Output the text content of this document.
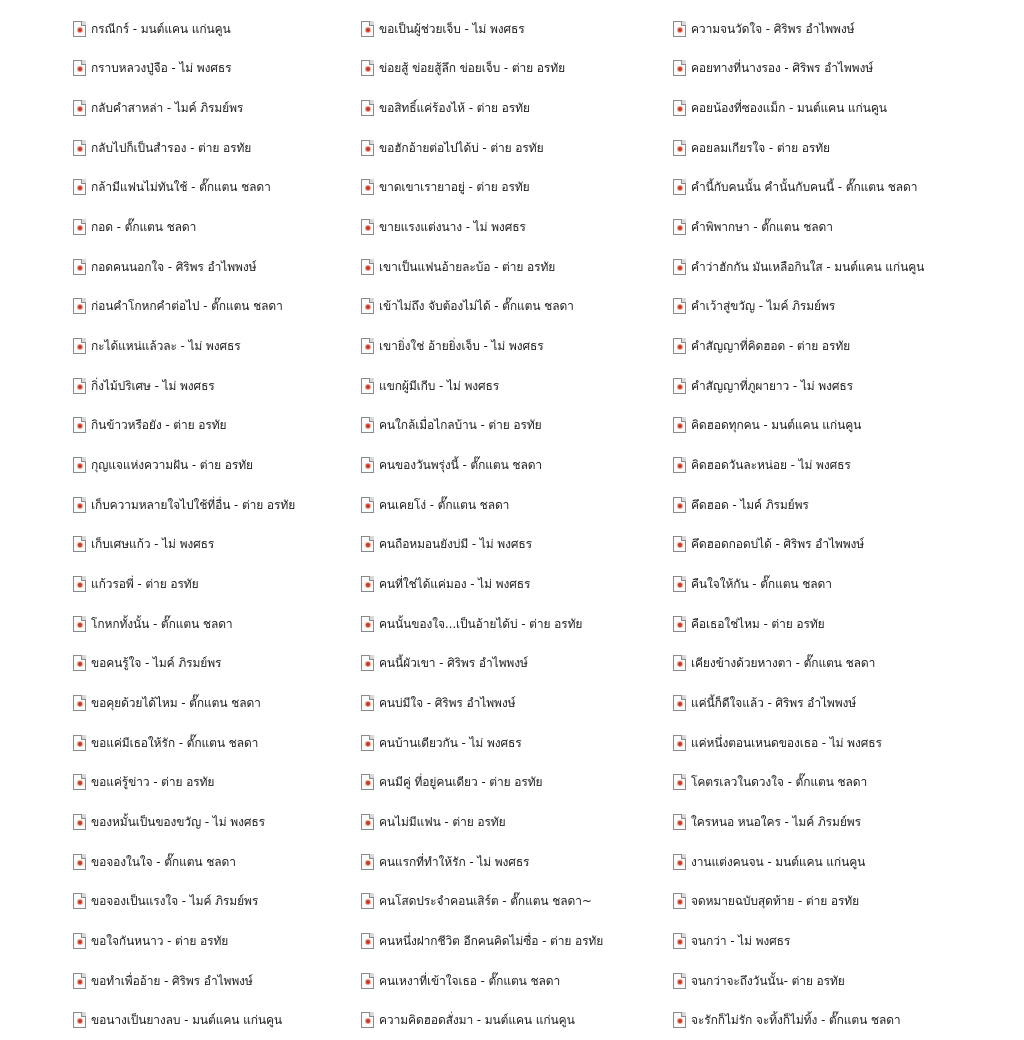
กรณีกร์ - มนต์แคน แก่นคูน
กราบหลวงปู่จือ - ไม่ พงศธร
กลับคำสาหล่า - ไมค์ ภิรมย์พร
กลับไปก็เป็นสำรอง - ต่าย อรทัย
กล้ามีแฟนไม่ทันใช้ - ตั๊กแตน ชลดา
กอด - ตั๊กแตน ชลดา
กอดคนนอกใจ - ศิริพร อำไพพงษ์
ก่อนคำโกหกคำต่อไป - ตั๊กแตน ชลดา
กะได้แหน่แล้วละ - ไม่ พงศธร
กิ่งไม้ปริเศษ - ไม่ พงศธร
กินข้าวหรือยัง - ต่าย อรทัย
กุญแจแห่งความฝัน - ต่าย อรทัย
เก็บความหลายใจไปใช้ที่อื่น - ต่าย อรทัย
เก็บเศษแก้ว - ไม่ พงศธร
แก้วรอพี่ - ต่าย อรทัย
โกหกทั้งนั้น - ตั๊กแตน ชลดา
ขอคนรู้ใจ - ไมค์ ภิรมย์พร
ขอคุยด้วยได้ไหม - ตั๊กแตน ชลดา
ขอแค่มีเธอให้รัก - ตั๊กแตน ชลดา
ขอแค่รู้ข่าว - ต่าย อรทัย
ของหมั้นเป็นของขวัญ - ไม่ พงศธร
ขอจองในใจ - ตั๊กแตน ชลดา
ขอจองเป็นแรงใจ - ไมค์ ภิรมย์พร
ขอใจกันหนาว - ต่าย อรทัย
ขอทำเพื่ออ้าย - ศิริพร อำไพพงษ์
ขอนางเป็นยางลบ - มนต์แคน แก่นคูน
ขอเป็นผู้ช่วยเจ็บ - ไม่ พงศธร
ข่อยสู้ ข่อยสู้ลึก ข่อยเจ็บ - ต่าย อรทัย
ขอสิทธิ์แค่ร้องไห้ - ต่าย อรทัย
ขอฮักอ้ายต่อไปได้บ่ - ต่าย อรทัย
ขาดเขาเรายาอยู่ - ต่าย อรทัย
ขายแรงแต่งนาง - ไม่ พงศธร
เขาเป็นแฟนอ้ายละบ้อ - ต่าย อรทัย
เข้าไม่ถึง จับต้องไม่ได้ - ตั๊กแตน ชลดา
เขายิ่งใช่ อ้ายยิ่งเจ็บ - ไม่ พงศธร
แขกผู้มีเกีบ - ไม่ พงศธร
คนใกล้เมื่อไกลบ้าน - ต่าย อรทัย
คนของวันพรุ่งนี้ - ตั๊กแตน ชลดา
คนเคยโง่ - ตั๊กแตน ชลดา
คนถือหมอนยังบ่มี - ไม่ พงศธร
คนที่ใช่ได้แค่มอง - ไม่ พงศธร
คนนั้นของใจ...เป็นอ้ายได้บ่ - ต่าย อรทัย
คนนี้ผัวเขา - ศิริพร อำไพพงษ์
คนบ่มีใจ - ศิริพร อำไพพงษ์
คนบ้านเดียวกัน - ไม่ พงศธร
คนมีคู่ ที่อยู่คนเดียว - ต่าย อรทัย
คนไม่มีแฟน - ต่าย อรทัย
คนแรกที่ทำให้รัก - ไม่ พงศธร
คนโสดประจำคอนเสิร์ต - ตั๊กแตน ชลดา~
คนหนึ่งฝากชีวิต อีกคนคิดไม่ซื่อ - ต่าย อรทัย
คนเหงาที่เข้าใจเธอ - ตั๊กแตน ชลดา
ความคิดฮอดสั่งมา - มนต์แคน แก่นคูน
ความจนวัดใจ - ศิริพร อำไพพงษ์
คอยทางที่นางรอง - ศิริพร อำไพพงษ์
คอยน้องที่ซองแม็ก - มนต์แคน แก่นคูน
คอยลมเกียรใจ - ต่าย อรทัย
คำนี้กับคนนั้น คำนั้นกับคนนี้ - ตั๊กแตน ชลดา
คำพิพากษา - ตั๊กแตน ชลดา
คำว่าฮักกัน มันเหลือกินใส - มนต์แคน แก่นคูน
คำเว้าสู่ขวัญ - ไมค์ ภิรมย์พร
คำสัญญาที่คิดฮอด - ต่าย อรทัย
คำสัญญาที่ภูผายาว - ไม่ พงศธร
คิดฮอดทุกคน - มนต์แคน แก่นคูน
คิดฮอดวันละหน่อย - ไม่ พงศธร
คึดฮอด - ไมค์ ภิรมย์พร
คึดฮอดกอดบ่ได้ - ศิริพร อำไพพงษ์
คืนใจให้กัน - ตั๊กแตน ชลดา
คือเธอใช่ไหม - ต่าย อรทัย
เคียงข้างด้วยหางตา - ตั๊กแตน ชลดา
แค่นี้ก็ดีใจแล้ว - ศิริพร อำไพพงษ์
แค่หนึ่งตอนเหนดของเธอ - ไม่ พงศธร
โคตรเลวในดวงใจ - ตั๊กแตน ชลดา
ใครหนอ หนอใคร - ไมค์ ภิรมย์พร
งานแต่งคนจน - มนต์แคน แก่นคูน
จดหมายฉบับสุดท้าย - ต่าย อรทัย
จนกว่า - ไม่ พงศธร
จนกว่าจะถึงวันนั้น- ต่าย อรทัย
จะรักก็ไม่รัก จะทิ้งก็ไม่ทิ้ง - ตั๊กแตน ชลดา
